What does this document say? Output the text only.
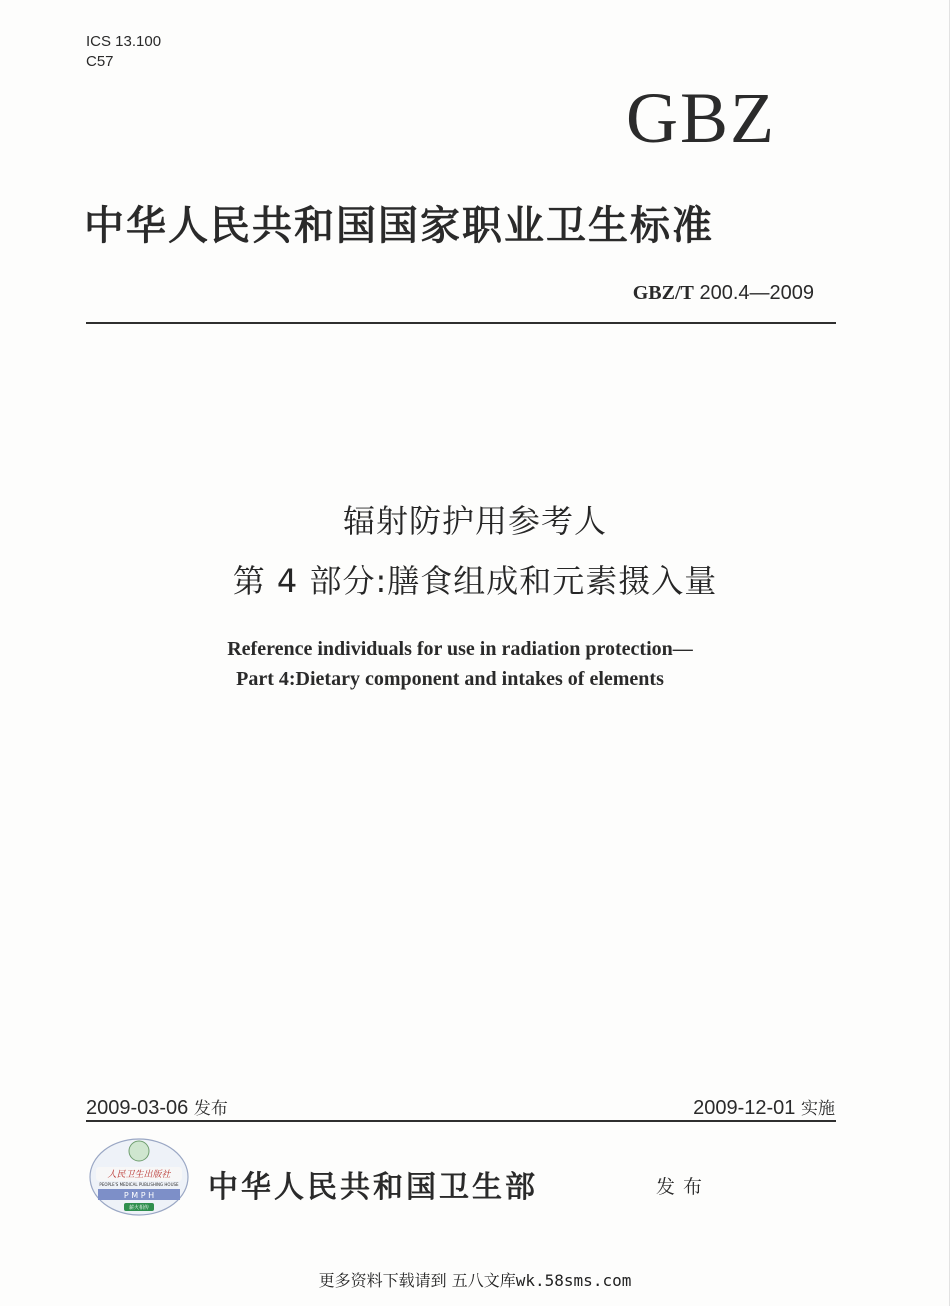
ICS 13.100
C57
GBZ
中华人民共和国国家职业卫生标准
GBZ/T 200.4—2009
辐射防护用参考人
第 4 部分:膳食组成和元素摄入量
Reference individuals for use in radiation protection—
Part 4:Dietary component and intakes of elements
2009-03-06 发布	2009-12-01 实施
人民卫生出版社
PEOPLE'S MEDICAL PUBLISHING HOUSE
P M P H
薪火相传
中华人民共和国卫生部	发布
更多资料下载请到 五八文库wk.58sms.com
